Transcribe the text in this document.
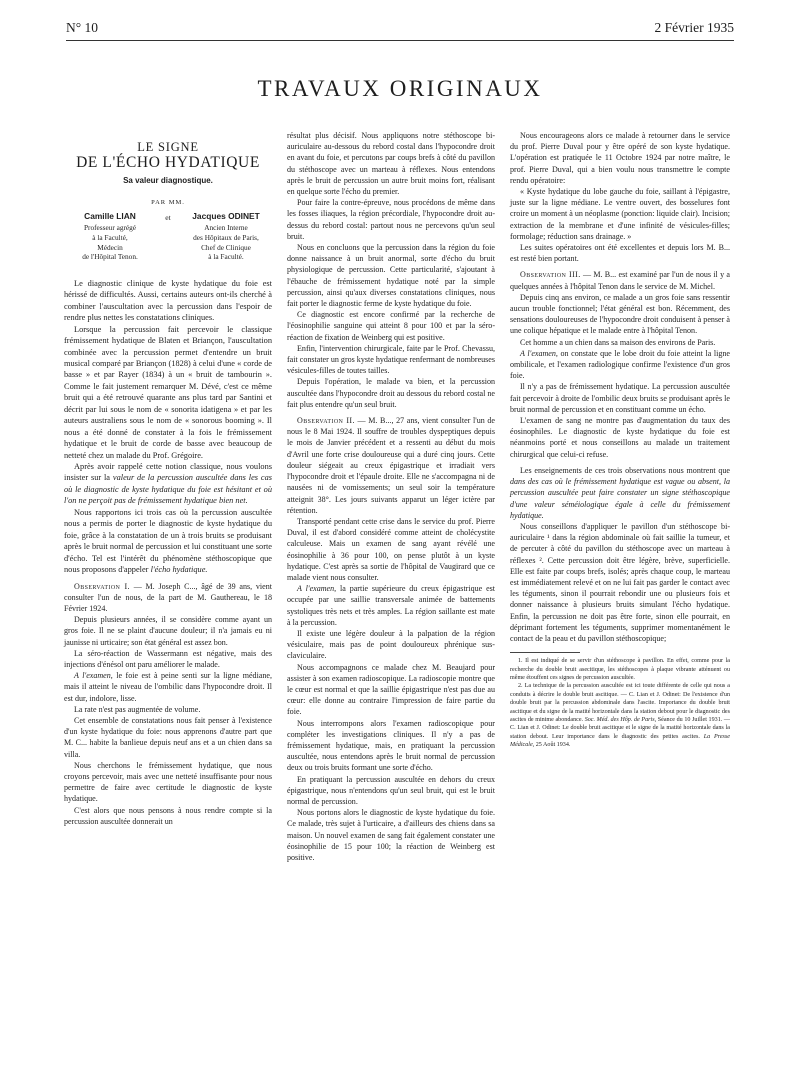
N° 10	2 Février 1935
TRAVAUX ORIGINAUX
LE SIGNE
DE L'ÉCHO HYDATIQUE
Sa valeur diagnostique.
PAR MM.
Camille LIAN
Professeur agrégé
à la Faculté,
Médecin
de l'Hôpital Tenon.
et	Jacques ODINET
Ancien Interne
des Hôpitaux de Paris,
Chef de Clinique
à la Faculté.

Le diagnostic clinique de kyste hydatique du foie est hérissé de difficultés. Aussi, certains auteurs ont-ils cherché à combiner l'auscultation avec la percussion dans l'espoir de rendre plus nettes les constatations cliniques.

Lorsque la percussion fait percevoir le classique frémissement hydatique de Blaten et Briançon, l'auscultation combinée avec la percussion permet d'entendre un bruit musical comparé par Briançon (1828) à celui d'une « corde de basse » et par Rayer (1834) à un « bruit de tambourin ». Comme le fait justement remarquer M. Dévé, c'est ce même bruit qui a été retrouvé quarante ans plus tard par Santini et décrit par lui sous le nom de « sonorita idatigena » et par les auteurs australiens sous le nom de « sonorous booming ». Il nous a été donné de constater à la fois le frémissement hydatique et le bruit de corde de basse avec beaucoup de netteté chez un malade du Prof. Grégoire.

Après avoir rappelé cette notion classique, nous voulons insister sur la valeur de la percussion auscultée dans les cas où le diagnostic de kyste hydatique du foie est hésitant et où l'on ne perçoit pas de frémissement hydatique bien net.

Nous rapportons ici trois cas où la percussion auscultée nous a permis de porter le diagnostic de kyste hydatique du foie, grâce à la constatation de un à trois bruits se produisant après le bruit normal de percussion et lui constituant une sorte d'écho. Tel est l'intérêt du phénomène stéthoscopique que nous proposons d'appeler l'écho hydatique.

Observation I. — M. Joseph C..., âgé de 39 ans, vient consulter l'un de nous, de la part de M. Gauthereau, le 18 Février 1924.

Depuis plusieurs années, il se considère comme ayant un gros foie. Il ne se plaint d'aucune douleur; il n'a jamais eu ni jaunisse ni urticaire; son état général est assez bon.

La séro-réaction de Wassermann est négative, mais des injections d'énésol ont paru améliorer le malade.

A l'examen, le foie est à peine senti sur la ligne médiane, mais il atteint le niveau de l'ombilic dans l'hypocondre droit. Il est dur, indolore, lisse.

La rate n'est pas augmentée de volume.

Cet ensemble de constatations nous fait penser à l'existence d'un kyste hydatique du foie: nous apprenons d'autre part que M. C... habite la banlieue depuis neuf ans et a un chien dans sa villa.

Nous cherchons le frémissement hydatique, que nous croyons percevoir, mais avec une netteté insuffisante pour nous permettre de faire avec certitude le diagnostic de kyste hydatique.

C'est alors que nous pensons à nous rendre compte si la percussion auscultée donnerait un

résultat plus décisif. Nous appliquons notre stéthoscope bi-auriculaire au-dessous du rebord costal dans l'hypocondre droit en avant du foie, et percutons par coups brefs à côté du pavillon du stéthoscope avec un marteau à réflexes. Nous entendons après le bruit de percussion un autre bruit moins fort, réalisant en quelque sorte l'écho du premier.

Pour faire la contre-épreuve, nous procédons de même dans les fosses iliaques, la région précordiale, l'hypocondre droit au-dessus du rebord costal: partout nous ne percevons qu'un seul bruit.

Nous en concluons que la percussion dans la région du foie donne naissance à un bruit anormal, sorte d'écho du bruit physiologique de percussion. Cette particularité, s'ajoutant à l'ébauche de frémissement hydatique noté par la simple percussion, ainsi qu'aux diverses constatations cliniques, nous fait porter le diagnostic ferme de kyste hydatique du foie.

Ce diagnostic est encore confirmé par la recherche de l'éosinophilie sanguine qui atteint 8 pour 100 et par la séro-réaction de fixation de Weinberg qui est positive.

Enfin, l'intervention chirurgicale, faite par le Prof. Chevassu, fait constater un gros kyste hydatique renfermant de nombreuses vésicules-filles de toutes tailles.

Depuis l'opération, le malade va bien, et la percussion auscultée dans l'hypocondre droit au dessous du rebord costal ne fait plus entendre qu'un seul bruit.

Observation II. — M. B..., 27 ans, vient consulter l'un de nous le 8 Mai 1924. Il souffre de troubles dyspeptiques depuis le mois de Janvier précédent et a ressenti au début du mois d'Avril une forte crise douloureuse qui a duré cinq jours. Cette douleur siégeait au creux épigastrique et irradiait vers l'hypocondre droit et l'épaule droite. Elle ne s'accompagna ni de nausées ni de vomissements; un seul soir la température atteignit 38°. Les jours suivants apparut un léger ictère par rétention.

Transporté pendant cette crise dans le service du prof. Pierre Duval, il est d'abord considéré comme atteint de cholécystite calculeuse. Mais un examen de sang ayant révélé une éosinophilie à 36 pour 100, on pense plutôt à un kyste hydatique. C'est après sa sortie de l'hôpital de Vaugirard que ce malade vient nous consulter.

A l'examen, la partie supérieure du creux épigastrique est occupée par une saillie transversale animée de battements systoliques très nets et très amples. La région saillante est mate à la percussion.

Il existe une légère douleur à la palpation de la région vésiculaire, mais pas de point douloureux phrénique sus-claviculaire.

Nous accompagnons ce malade chez M. Beaujard pour assister à son examen radioscopique. La radioscopie montre que le cœur est normal et que la saillie épigastrique n'est pas due au cœur: elle donne au contraire l'impression de faire partie du foie.

Nous interrompons alors l'examen radioscopique pour compléter les investigations cliniques. Il n'y a pas de frémissement hydatique, mais, en pratiquant la percussion auscultée, nous entendons après le bruit normal de percussion deux ou trois bruits formant une sorte d'écho.

En pratiquant la percussion auscultée en dehors du creux épigastrique, nous n'entendons qu'un seul bruit, qui est le bruit normal de percussion.

Nous portons alors le diagnostic de kyste hydatique du foie. Ce malade, très sujet à l'urticaire, a d'ailleurs des chiens dans sa maison. Un nouvel examen de sang fait également constater une éosinophilie de 15 pour 100; la réaction de Weinberg est positive.

Nous encourageons alors ce malade à retourner dans le service du prof. Pierre Duval pour y être opéré de son kyste hydatique. L'opération est pratiquée le 11 Octobre 1924 par notre maître, le prof. Pierre Duval, qui a bien voulu nous transmettre le compte rendu opératoire:

« Kyste hydatique du lobe gauche du foie, saillant à l'épigastre, juste sur la ligne médiane. Le ventre ouvert, des bosselures font croire un moment à un néoplasme (ponction: liquide clair). Incision; extraction de la membrane et d'une infinité de vésicules-filles; formolage; réduction sans drainage. »

Les suites opératoires ont été excellentes et depuis lors M. B... est resté bien portant.

Observation III. — M. B... est examiné par l'un de nous il y a quelques années à l'hôpital Tenon dans le service de M. Michel.

Depuis cinq ans environ, ce malade a un gros foie sans ressentir aucun trouble fonctionnel; l'état général est bon. Récemment, des sensations douloureuses de l'hypocondre droit conduisent à penser à une colique hépatique et le malade entre à l'hôpital Tenon.

Cet homme a un chien dans sa maison des environs de Paris.

A l'examen, on constate que le lobe droit du foie atteint la ligne ombilicale, et l'examen radiologique confirme l'existence d'un gros foie.

Il n'y a pas de frémissement hydatique. La percussion auscultée fait percevoir à droite de l'ombilic deux bruits se produisant après le bruit normal de percussion et en constituant comme un écho.

L'examen de sang ne montre pas d'augmentation du taux des éosinophiles. Le diagnostic de kyste hydatique du foie est néanmoins porté et nous conseillons au malade un traitement chirurgical que celui-ci refuse.

Les enseignements de ces trois observations nous montrent que dans des cas où le frémissement hydatique est vague ou absent, la percussion auscultée peut faire constater un signe stéthoscopique d'une valeur séméiologique égale à celle du frémissement hydatique.

Nous conseillons d'appliquer le pavillon d'un stéthoscope bi-auriculaire ¹ dans la région abdominale où fait saillie la tumeur, et de percuter à côté du pavillon du stéthoscope avec un marteau à réflexes ². Cette percussion doit être légère, brève, superficielle. Elle est faite par coups brefs, isolés; après chaque coup, le marteau est immédiatement relevé et on ne lui fait pas garder le contact avec les téguments, sinon il pourrait rebondir une ou plusieurs fois et donner naissance à plusieurs bruits simulant l'écho hydatique. Enfin, la percussion ne doit pas être forte, sinon elle pourrait, en déprimant fortement les téguments, supprimer momentanément le contact de la peau et du pavillon stéthoscopique;

1. Il est indiqué de se servir d'un stéthoscope à pavillon. En effet, comme pour la recherche du double bruit asecitique, les stéthoscopes à plaque vibrante atténuent ou même étouffent ces signes de percussion auscultée.

2. La technique de la percussion auscultée est ici toute différente de celle qui nous a conduits à décrire le double bruit ascitique. — C. Lian et J. Odinet: De l'existence d'un double bruit par la percussion abdominale dans l'ascite. Importance du double bruit ascitique et du signe de la matité horizontale dans la station debout pour le diagnostic des ascites de minime abondance. Soc. Méd. des Hôp. de Paris, Séance du 10 Juillet 1931. — C. Lian et J. Odinet: Le double bruit ascitique et le signe de la matité horizontale dans la station debout. Leur importance dans le diagnostic des petites ascites. La Presse Médicale, 25 Août 1934.
